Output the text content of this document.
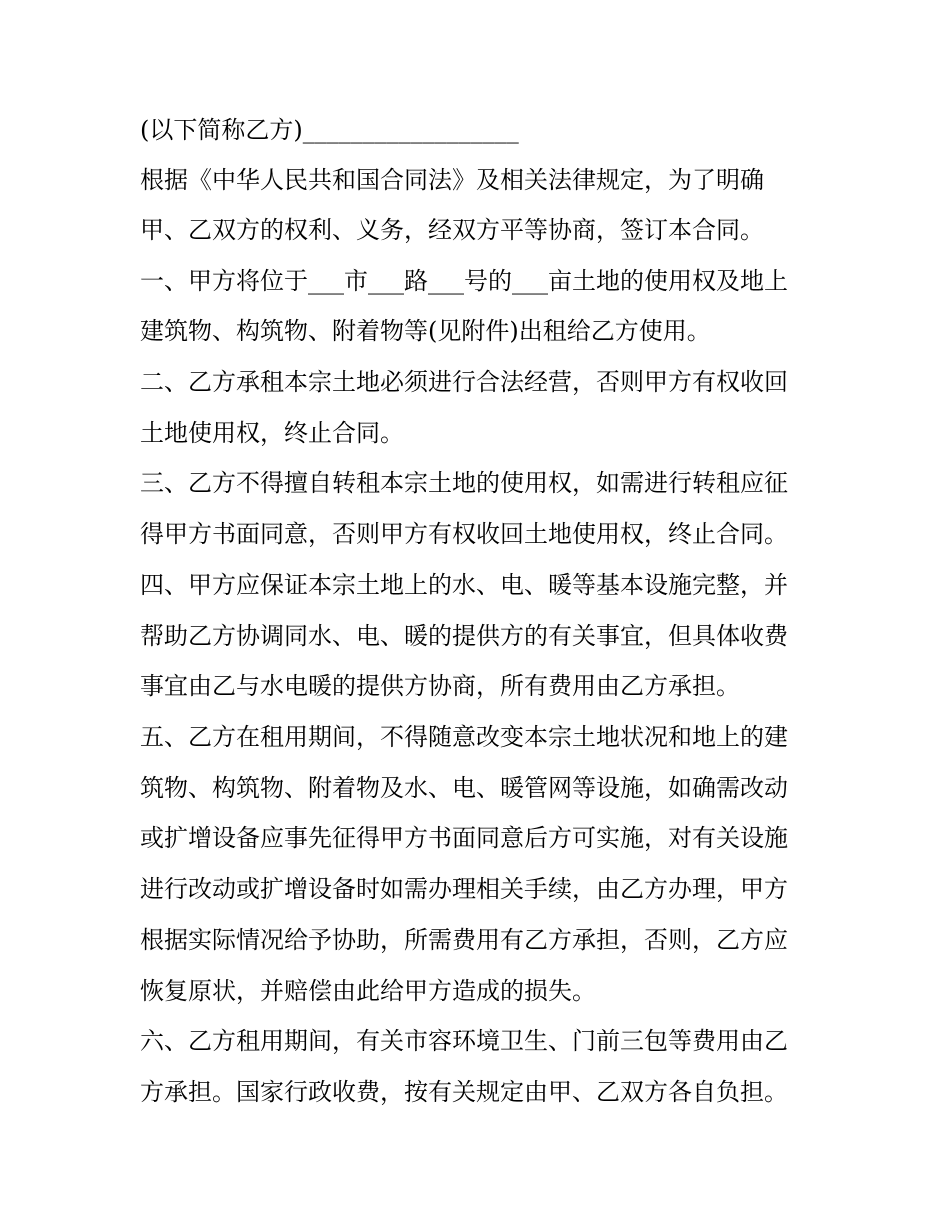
(以下简称乙方)__________________
根据《中华人民共和国合同法》及相关法律规定，为了明确
甲、乙双方的权利、义务，经双方平等协商，签订本合同。
一、甲方将位于___市___路___号的___亩土地的使用权及地上
建筑物、构筑物、附着物等(见附件)出租给乙方使用。
二、乙方承租本宗土地必须进行合法经营，否则甲方有权收回
土地使用权，终止合同。
三、乙方不得擅自转租本宗土地的使用权，如需进行转租应征
得甲方书面同意，否则甲方有权收回土地使用权，终止合同。
四、甲方应保证本宗土地上的水、电、暖等基本设施完整，并
帮助乙方协调同水、电、暖的提供方的有关事宜，但具体收费
事宜由乙与水电暖的提供方协商，所有费用由乙方承担。
五、乙方在租用期间，不得随意改变本宗土地状况和地上的建
筑物、构筑物、附着物及水、电、暖管网等设施，如确需改动
或扩增设备应事先征得甲方书面同意后方可实施，对有关设施
进行改动或扩增设备时如需办理相关手续，由乙方办理，甲方
根据实际情况给予协助，所需费用有乙方承担，否则，乙方应
恢复原状，并赔偿由此给甲方造成的损失。
六、乙方租用期间，有关市容环境卫生、门前三包等费用由乙
方承担。国家行政收费，按有关规定由甲、乙双方各自负担。
